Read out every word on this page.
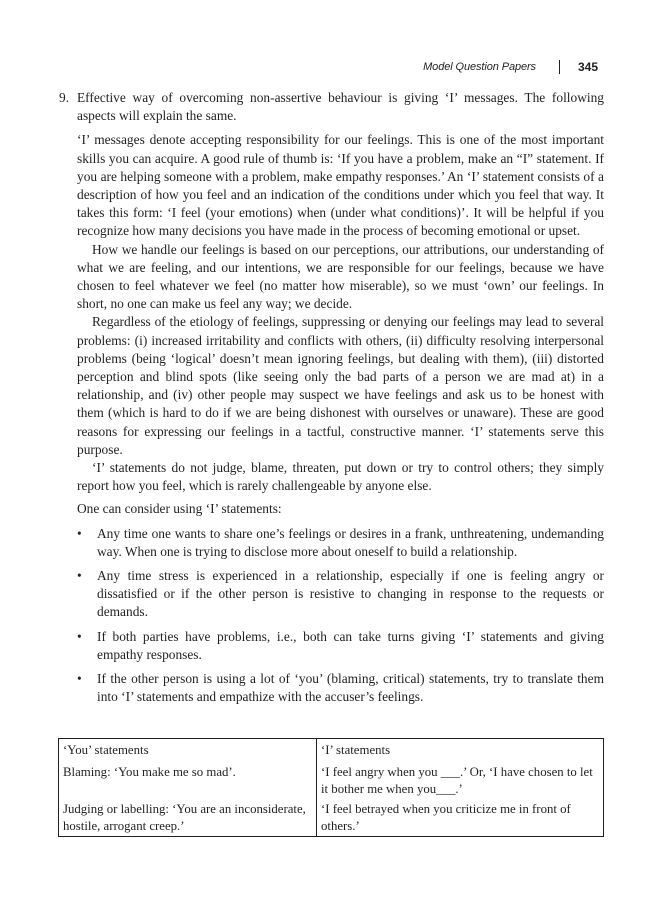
Model Question Papers	345
9. Effective way of overcoming non-assertive behaviour is giving ‘I’ messages. The following aspects will explain the same.

‘I’ messages denote accepting responsibility for our feelings. This is one of the most important skills you can acquire. A good rule of thumb is: ‘If you have a problem, make an “I” statement. If you are helping someone with a problem, make empathy responses.’ An ‘I’ statement consists of a description of how you feel and an indication of the conditions under which you feel that way. It takes this form: ‘I feel (your emotions) when (under what conditions)’. It will be helpful if you recognize how many decisions you have made in the process of becoming emotional or upset.

How we handle our feelings is based on our perceptions, our attributions, our understanding of what we are feeling, and our intentions, we are responsible for our feelings, because we have chosen to feel whatever we feel (no matter how miserable), so we must ‘own’ our feelings. In short, no one can make us feel any way; we decide.

Regardless of the etiology of feelings, suppressing or denying our feelings may lead to several problems: (i) increased irritability and conflicts with others, (ii) difficulty resolving interpersonal problems (being ‘logical’ doesn’t mean ignoring feelings, but dealing with them), (iii) distorted perception and blind spots (like seeing only the bad parts of a person we are mad at) in a relationship, and (iv) other people may suspect we have feelings and ask us to be honest with them (which is hard to do if we are being dishonest with ourselves or unaware). These are good reasons for expressing our feelings in a tactful, constructive manner. ‘I’ statements serve this purpose.

‘I’ statements do not judge, blame, threaten, put down or try to control others; they simply report how you feel, which is rarely challengeable by anyone else.

One can consider using ‘I’ statements:

•	Any time one wants to share one’s feelings or desires in a frank, unthreatening, undemanding way. When one is trying to disclose more about oneself to build a relationship.
•	Any time stress is experienced in a relationship, especially if one is feeling angry or dissatisfied or if the other person is resistive to changing in response to the requests or demands.
•	If both parties have problems, i.e., both can take turns giving ‘I’ statements and giving empathy responses.
•	If the other person is using a lot of ‘you’ (blaming, critical) statements, try to translate them into ‘I’ statements and empathize with the accuser’s feelings.
‘You’ statements	‘I’ statements
Blaming: ‘You make me so mad’.	‘I feel angry when you ___.’ Or, ‘I have chosen to let it bother me when you___.’
Judging or labelling: ‘You are an inconsiderate, hostile, arrogant creep.’	‘I feel betrayed when you criticize me in front of others.’
